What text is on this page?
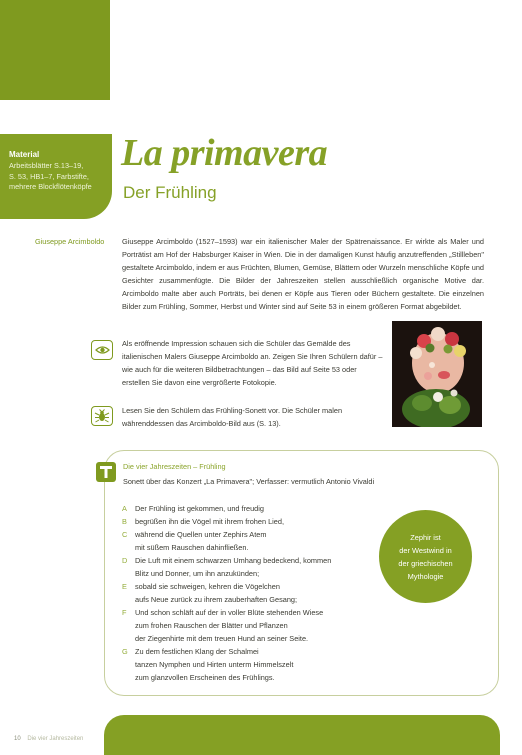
Material
Arbeitsblätter S.13–19,
S. 53, HB1–7, Farbstifte,
mehrere Blockflötenköpfe
La primavera
Der Frühling
Giuseppe Arcimboldo Giuseppe Arcimboldo (1527–1593) war ein italienischer Maler der Spätrenaissance. Er wirkte als Maler und Porträtist am Hof der Habsburger Kaiser in Wien. Die in der damaligen Kunst häufig anzutreffenden „Stillleben" gestaltete Arcimboldo, indem er aus Früchten, Blumen, Gemüse, Blättern oder Wurzeln menschliche Köpfe und Gesichter zusammenfügte. Die Bilder der Jahreszeiten stellen ausschließlich organische Motive dar. Arcimboldo malte aber auch Porträts, bei denen er Köpfe aus Tieren oder Büchern gestaltete. Die einzelnen Bilder zum Frühling, Sommer, Herbst und Winter sind auf Seite 53 in einem größeren Format abgebildet.
Als eröffnende Impression schauen sich die Schüler das Gemälde des italienischen Malers Giuseppe Arcimboldo an. Zeigen Sie Ihren Schülern dafür – wie auch für die weiteren Bildbetrachtungen – das Bild auf Seite 53 oder erstellen Sie davon eine vergrößerte Fotokopie.
Lesen Sie den Schülern das Frühling-Sonett vor. Die Schüler malen währenddessen das Arcimboldo-Bild aus (S. 13).
Die vier Jahreszeiten – Frühling
Sonett über das Konzert „La Primavera"; Verfasser: vermutlich Antonio Vivaldi
A	Der Frühling ist gekommen, und freudig
B	begrüßen ihn die Vögel mit ihrem frohen Lied,
C	während die Quellen unter Zephirs Atem
mit süßem Rauschen dahinfließen.
D	Die Luft mit einem schwarzen Umhang bedeckend, kommen
Blitz und Donner, um ihn anzukünden;
E	sobald sie schweigen, kehren die Vögelchen
aufs Neue zurück zu ihrem zauberhaften Gesang;
F	Und schon schläft auf der in voller Blüte stehenden Wiese
zum frohen Rauschen der Blätter und Pflanzen
der Ziegenhirte mit dem treuen Hund an seiner Seite.
G Zu dem festlichen Klang der Schalmei
tanzen Nymphen und Hirten unterm Himmelszelt
zum glanzvollen Erscheinen des Frühlings.
Zephir ist
der Westwind in
der griechischen
Mythologie
10 Die vier Jahreszeiten
